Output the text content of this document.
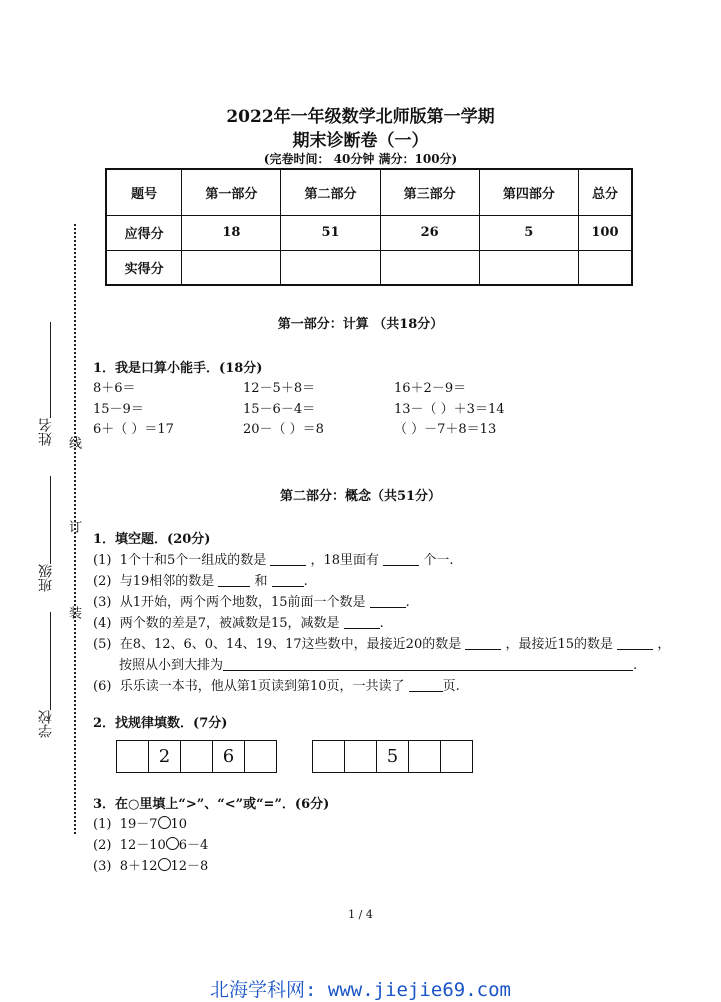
2022年一年级数学北师版第一学期
期末诊断卷（一）
(完卷时间： 40分钟 满分：100分)
题号	第一部分	第二部分	第三部分	第四部分	总分
应得分	18	51	26	5	100
实得分					
姓名
班级
学校
线
订
装
第一部分：计算 （共18分）
1．我是口算小能手．(18分)
8＋6＝	12－5＋8＝	16＋2－9＝
15－9＝	15－6－4＝	13－（ ）＋3＝14
6＋（ ）＝17	20－（ ）＝8	（ ）－7＋8＝13
第二部分：概念（共51分）
1．填空题．(20分)
(1) 1个十和5个一组成的数是	，18里面有	个一.
(2) 与19相邻的数是	和	.
(3) 从1开始，两个两个地数，15前面一个数是	.
(4) 两个数的差是7，被减数是15，减数是	.
(5) 在8、12、6、0、14、19、17这些数中，最接近20的数是	，最接近15的数是	，
按照从小到大排为	.
(6) 乐乐读一本书，他从第1页读到第10页，一共读了	页.
2．找规律填数．(7分)
2	6	5
3．在○里填上“>”、“<”或“=”．(6分)
(1) 19－7 10
(2) 12－10 6－4
(3) 8＋12 12－8
1 / 4
北海学科网: www.jiejie69.com
